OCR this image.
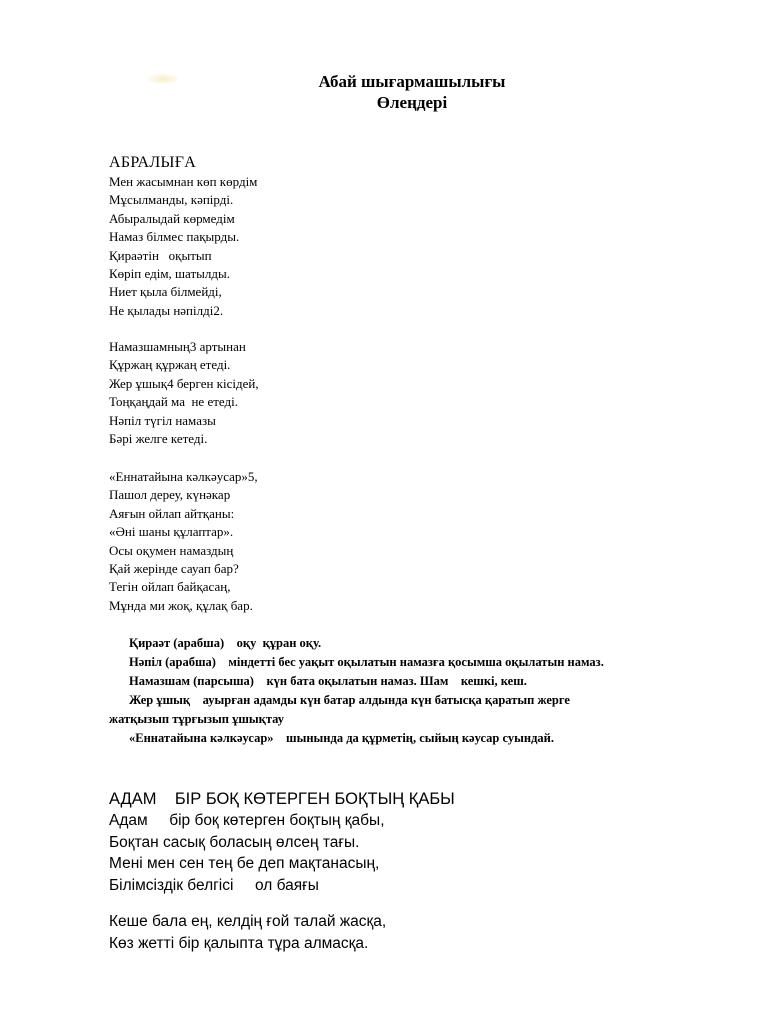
Абай шығармашылығы
Өлеңдері
АБРАЛЫҒА
Мен жасымнан көп көрдім
Мұсылманды, кәпірді.
Абыралыдай көрмедім
Намаз білмес пақырды.
Қираәтін   оқытып
Көріп едім, шатылды.
Ниет қыла білмейді,
Не қылады нәпілді2.
Намазшамның3 артынан
Құржаң құржаң етеді.
Жер ұшық4 берген кісідей,
Тоңқаңдай ма  не етеді.
Нәпіл түгіл намазы
Бәрі желге кетеді.
«Еннатайына кәлкәусар»5,
Пашол дереу, күнәкар
Аяғын ойлап айтқаны:
«Әні шаны құлаптар».
Осы оқумен намаздың
Қай жерінде сауап бар?
Тегін ойлап байқасаң,
Мұнда ми жоқ, құлақ бар.
Қираәт (арабша)    оқу  құран оқу.
Нәпіл (арабша)    міндетті бес уақыт оқылатын намазға қосымша оқылатын намаз.
Намазшам (парсыша)    күн бата оқылатын намаз. Шам    кешкі, кеш.
Жер ұшық    ауырған адамды күн батар алдында күн батысқа қаратып жерге
жатқызып тұрғызып ұшықтау
«Еннатайына кәлкәусар»    шынында да құрметің, сыйың кәусар суындай.
АДАМ    БІР БОҚ КӨТЕРГЕН БОҚТЫҢ ҚАБЫ
Адам     бір боқ көтерген боқтың қабы,
Боқтан сасық боласың өлсең тағы.
Мені мен сен тең бе деп мақтанасың,
Білімсіздік белгісі     ол баяғы
Кеше бала ең, келдің ғой талай жасқа,
Көз жетті бір қалыпта тұра алмасқа.
